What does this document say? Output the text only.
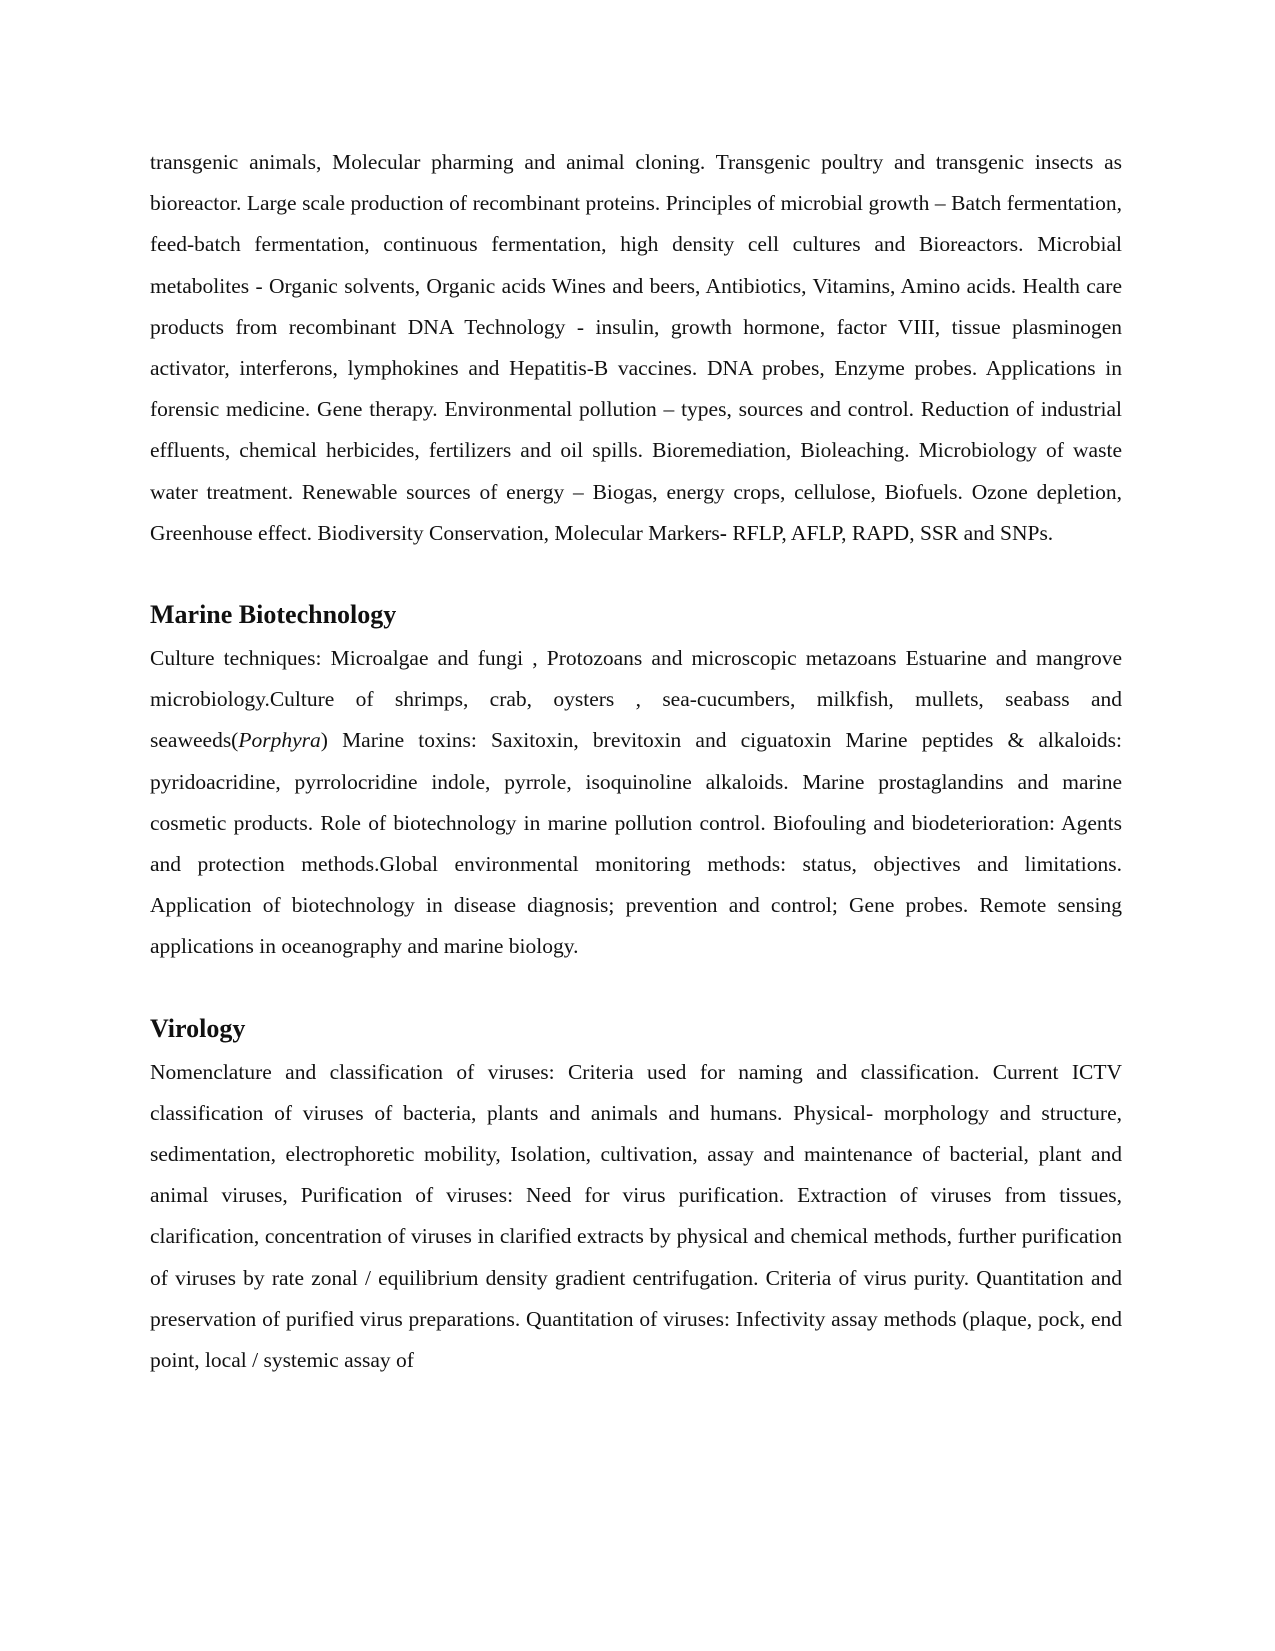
transgenic animals, Molecular pharming and animal cloning. Transgenic poultry and transgenic insects as bioreactor. Large scale production of recombinant proteins. Principles of microbial growth – Batch fermentation, feed-batch fermentation, continuous fermentation, high density cell cultures and Bioreactors. Microbial metabolites - Organic solvents, Organic acids Wines and beers, Antibiotics, Vitamins, Amino acids. Health care products from recombinant DNA Technology - insulin, growth hormone, factor VIII, tissue plasminogen activator, interferons, lymphokines and Hepatitis-B vaccines. DNA probes, Enzyme probes. Applications in forensic medicine. Gene therapy. Environmental pollution – types, sources and control. Reduction of industrial effluents, chemical herbicides, fertilizers and oil spills. Bioremediation, Bioleaching. Microbiology of waste water treatment. Renewable sources of energy – Biogas, energy crops, cellulose, Biofuels. Ozone depletion, Greenhouse effect. Biodiversity Conservation, Molecular Markers- RFLP, AFLP, RAPD, SSR and SNPs.

Marine Biotechnology

Culture techniques: Microalgae and fungi , Protozoans and microscopic metazoans Estuarine and mangrove microbiology.Culture of shrimps, crab, oysters , sea-cucumbers, milkfish, mullets, seabass and seaweeds(Porphyra) Marine toxins: Saxitoxin, brevitoxin and ciguatoxin Marine peptides & alkaloids: pyridoacridine, pyrrolocridine indole, pyrrole, isoquinoline alkaloids. Marine prostaglandins and marine cosmetic products. Role of biotechnology in marine pollution control. Biofouling and biodeterioration: Agents and protection methods.Global environmental monitoring methods: status, objectives and limitations. Application of biotechnology in disease diagnosis; prevention and control; Gene probes. Remote sensing applications in oceanography and marine biology.

Virology

Nomenclature and classification of viruses: Criteria used for naming and classification. Current ICTV classification of viruses of bacteria, plants and animals and humans. Physical- morphology and structure, sedimentation, electrophoretic mobility, Isolation, cultivation, assay and maintenance of bacterial, plant and animal viruses, Purification of viruses: Need for virus purification. Extraction of viruses from tissues, clarification, concentration of viruses in clarified extracts by physical and chemical methods, further purification of viruses by rate zonal / equilibrium density gradient centrifugation. Criteria of virus purity. Quantitation and preservation of purified virus preparations. Quantitation of viruses: Infectivity assay methods (plaque, pock, end point, local / systemic assay of
